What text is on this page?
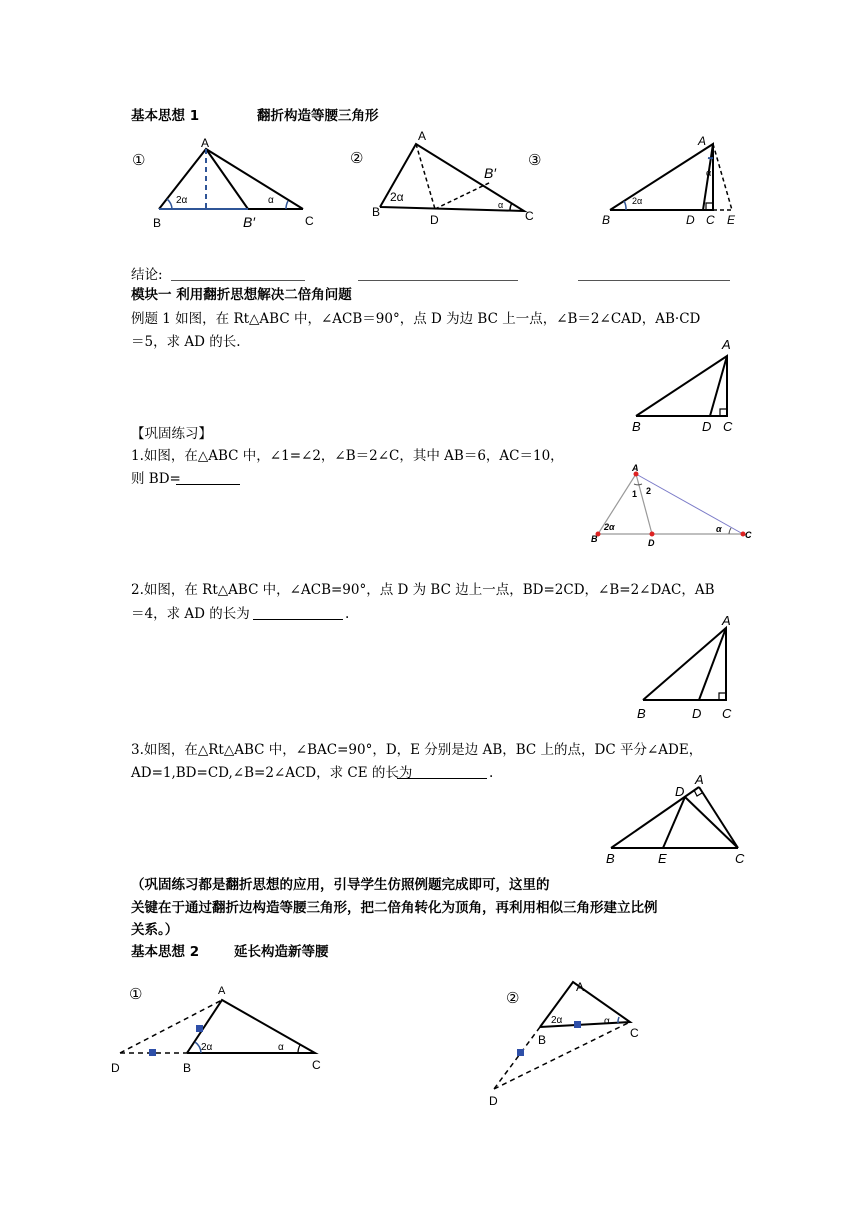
基本思想 1	翻折构造等腰三角形
①	②	③
A
B	C
B′
2α	α
A
B	C
D
B′
2α
α
A
B	D C E
2α
α
结论:
模块一 利用翻折思想解决二倍角问题
例题 1 如图，在 Rt△ABC 中，∠ACB＝90°，点 D 为边 BC 上一点，∠B＝2∠CAD，AB·CD
＝5，求 AD 的长.	A
B	D C
【巩固练习】
1.如图，在△ABC 中，∠1=∠2，∠B＝2∠C，其中 AB＝6，AC＝10，
则 BD=
A
B	C
D
1 2
2α	α
2.如图，在 Rt△ABC 中，∠ACB=90°，点 D 为 BC 边上一点，BD=2CD，∠B=2∠DAC，AB
＝4，求 AD 的长为	.	A
B	D C
3.如图，在△Rt△ABC 中，∠BAC=90°，D，E 分别是边 AB，BC 上的点，DC 平分∠ADE，
AD=1,BD=CD,∠B=2∠ACD，求 CE 的长为	.	A
D
B	E	C
（巩固练习都是翻折思想的应用，引导学生仿照例题完成即可，这里的
关键在于通过翻折边构造等腰三角形，把二倍角转化为顶角，再利用相似三角形建立比例
关系。）
基本思想 2	延长构造新等腰
①	②
A
B	C
D
2α	α
A
B	C
D
2α	α
